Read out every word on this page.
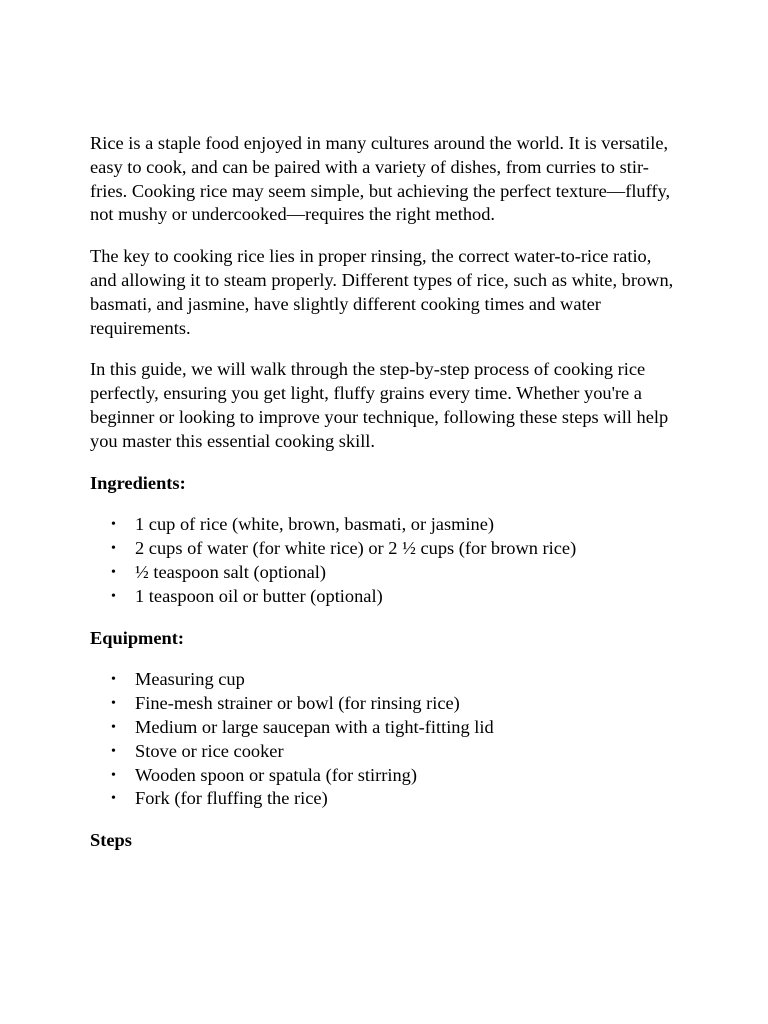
Rice is a staple food enjoyed in many cultures around the world. It is versatile, easy to cook, and can be paired with a variety of dishes, from curries to stir-fries. Cooking rice may seem simple, but achieving the perfect texture—fluffy, not mushy or undercooked—requires the right method.

The key to cooking rice lies in proper rinsing, the correct water-to-rice ratio, and allowing it to steam properly. Different types of rice, such as white, brown, basmati, and jasmine, have slightly different cooking times and water requirements.

In this guide, we will walk through the step-by-step process of cooking rice perfectly, ensuring you get light, fluffy grains every time. Whether you're a beginner or looking to improve your technique, following these steps will help you master this essential cooking skill.

Ingredients:
• 1 cup of rice (white, brown, basmati, or jasmine)
• 2 cups of water (for white rice) or 2 ½ cups (for brown rice)
• ½ teaspoon salt (optional)
• 1 teaspoon oil or butter (optional)
Equipment:
• Measuring cup
• Fine-mesh strainer or bowl (for rinsing rice)
• Medium or large saucepan with a tight-fitting lid
• Stove or rice cooker
• Wooden spoon or spatula (for stirring)
• Fork (for fluffing the rice)
Steps
